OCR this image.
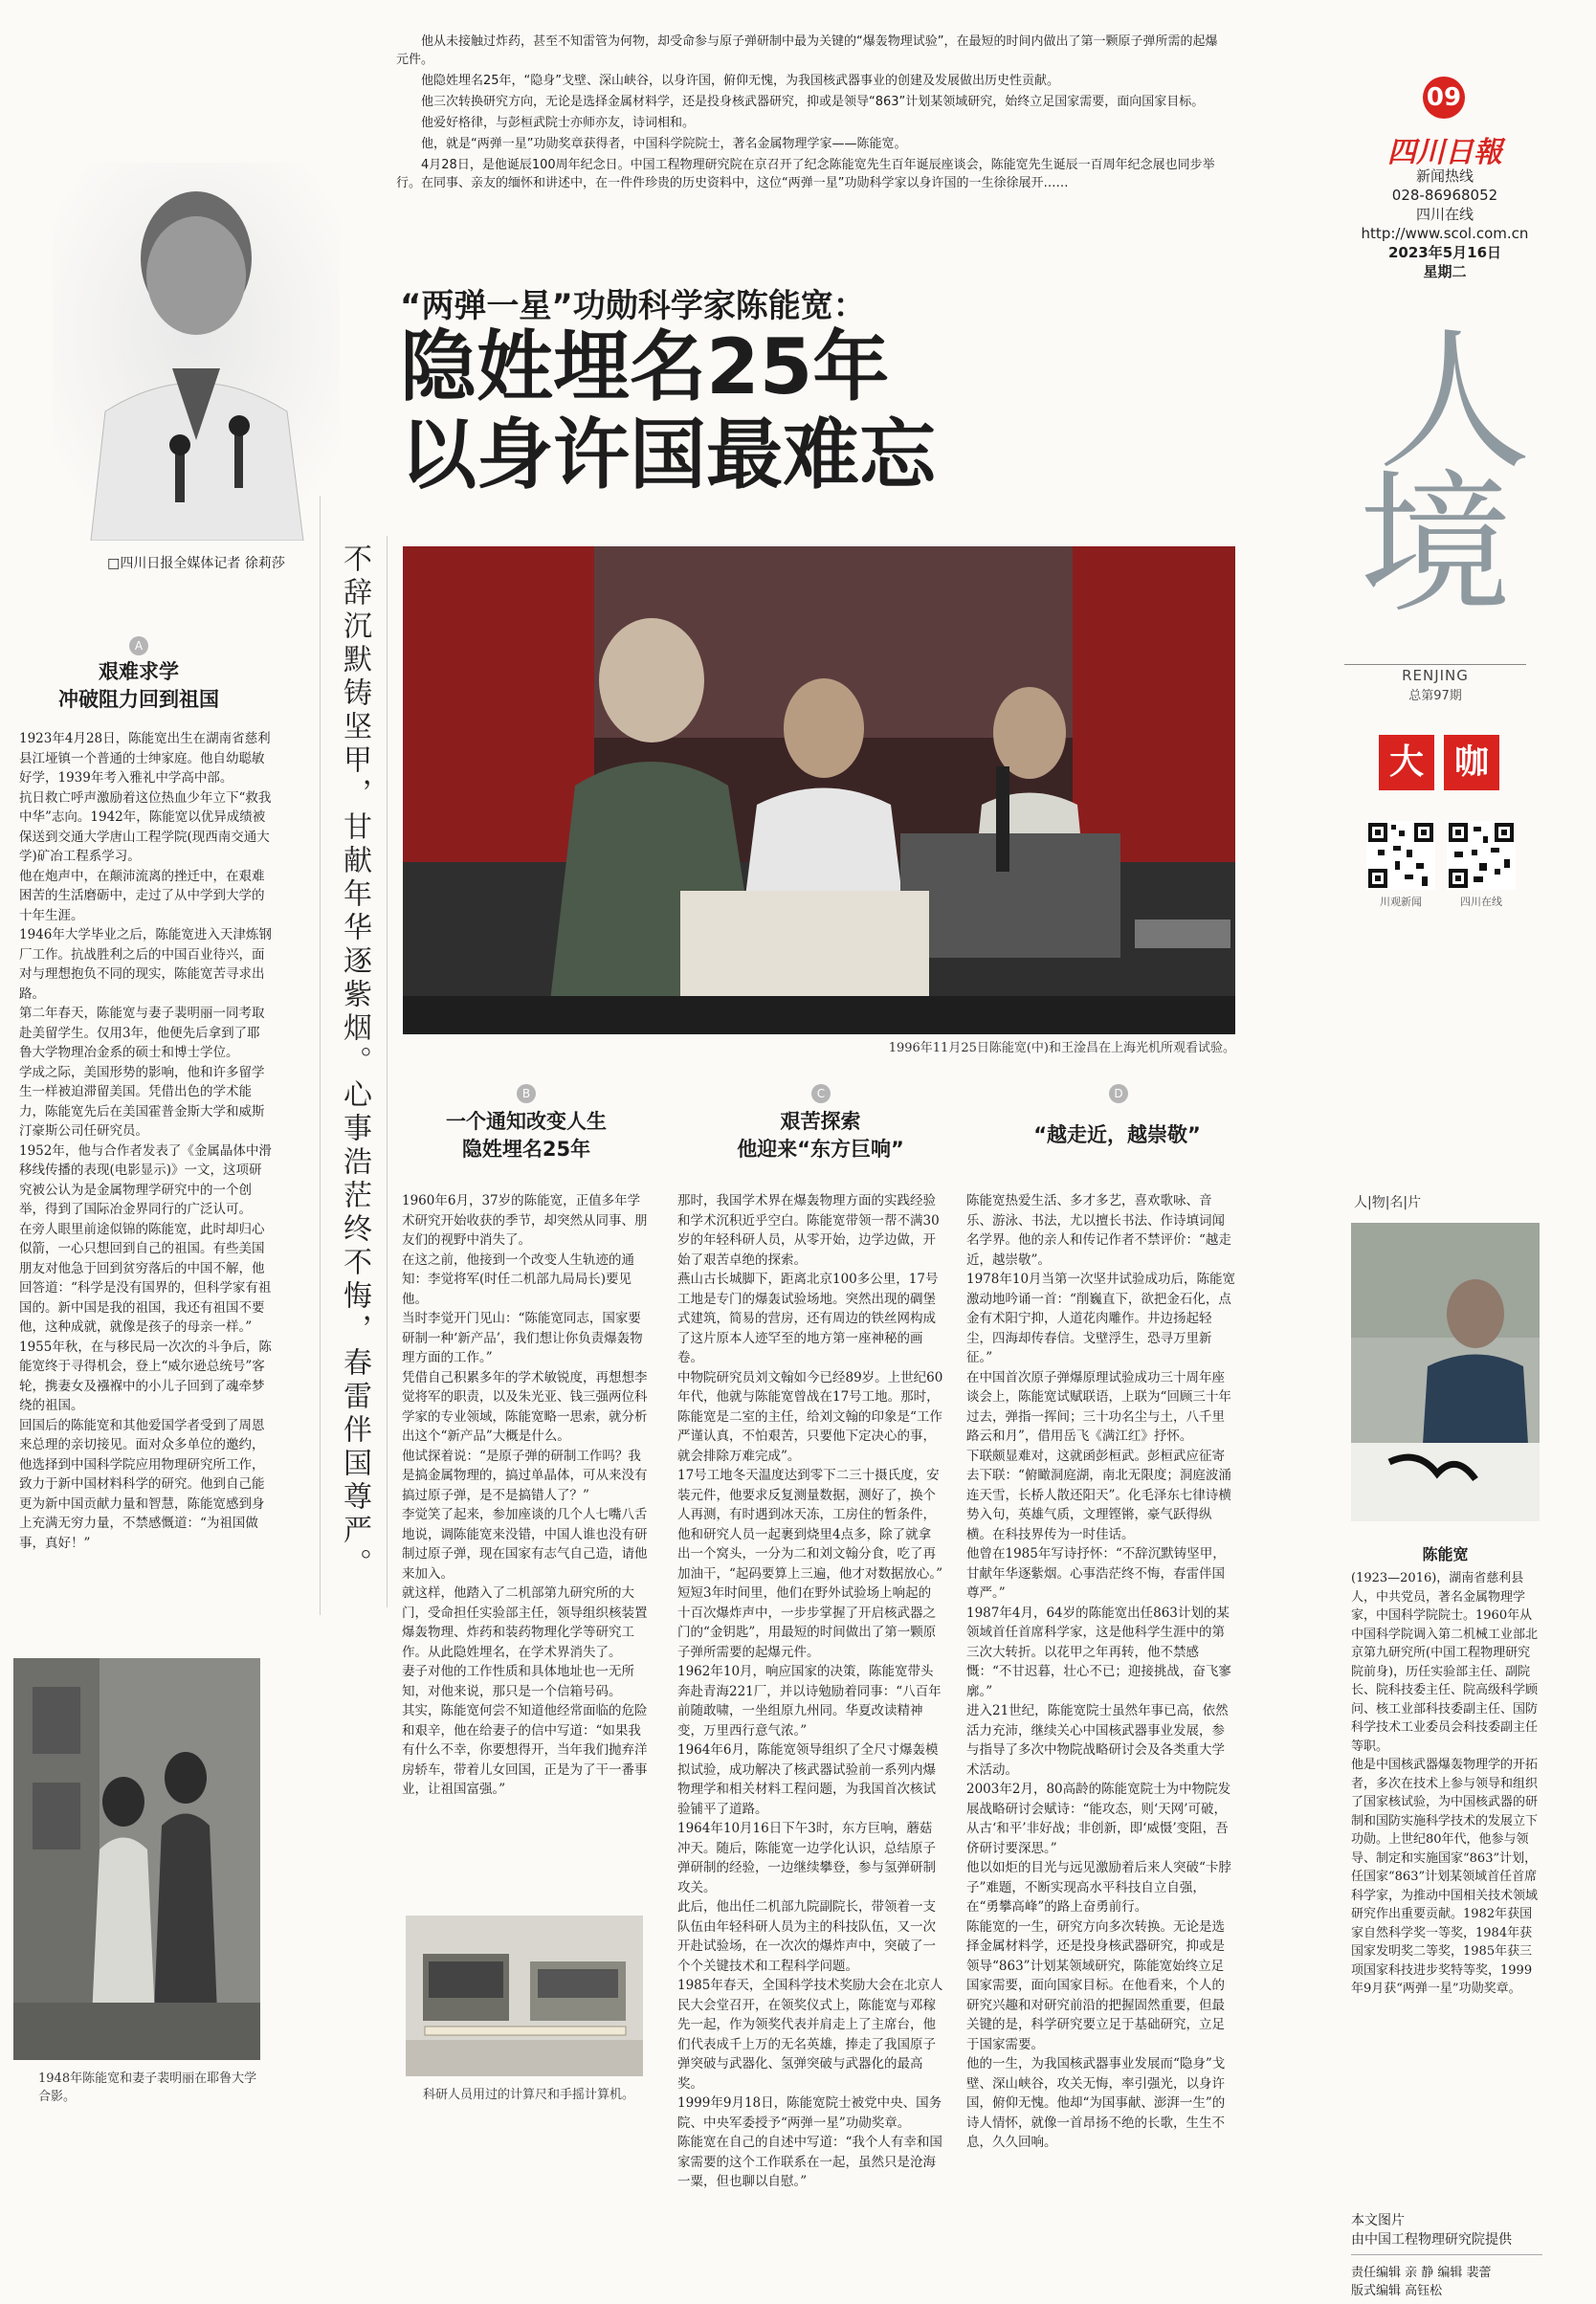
他从未接触过炸药，甚至不知雷管为何物，却受命参与原子弹研制中最为关键的“爆轰物理试验”，在最短的时间内做出了第一颗原子弹所需的起爆元件。

他隐姓埋名25年，“隐身”戈壁、深山峡谷，以身许国，俯仰无愧，为我国核武器事业的创建及发展做出历史性贡献。

他三次转换研究方向，无论是选择金属材料学，还是投身核武器研究，抑或是领导“863”计划某领域研究，始终立足国家需要，面向国家目标。

他爱好格律，与彭桓武院士亦师亦友，诗词相和。

他，就是“两弹一星”功勋奖章获得者，中国科学院院士，著名金属物理学家——陈能宽。

4月28日，是他诞辰100周年纪念日。中国工程物理研究院在京召开了纪念陈能宽先生百年诞辰座谈会，陈能宽先生诞辰一百周年纪念展也同步举行。在同事、亲友的缅怀和讲述中，在一件件珍贵的历史资料中，这位“两弹一星”功勋科学家以身许国的一生徐徐展开……

□四川日报全媒体记者 徐莉莎
“两弹一星”功勋科学家陈能宽：
隐姓埋名25年
以身许国最难忘
09
四川日報
新闻热线
028-86968052
四川在线
http://www.scol.com.cn
2023年5月16日
星期二
人
境
RENJING
总第97期
大 咖
川观新闻	四川在线
不辞沉默铸坚甲，甘献年华逐紫烟。心事浩茫终不悔，春雷伴国尊严。	1996年11月25日陈能宽(中)和王淦昌在上海光机所观看试验。
A
艰难求学
冲破阻力回到祖国
1923年4月28日，陈能宽出生在湖南省慈利县江垭镇一个普通的士绅家庭。他自幼聪敏好学，1939年考入雅礼中学高中部。
抗日救亡呼声激励着这位热血少年立下“救我中华”志向。1942年，陈能宽以优异成绩被保送到交通大学唐山工程学院(现西南交通大学)矿冶工程系学习。
他在炮声中，在颠沛流离的挫迁中，在艰难困苦的生活磨砺中，走过了从中学到大学的十年生涯。
1946年大学毕业之后，陈能宽进入天津炼钢厂工作。抗战胜利之后的中国百业待兴，面对与理想抱负不同的现实，陈能宽苦寻求出路。
第二年春天，陈能宽与妻子裴明丽一同考取赴美留学生。仅用3年，他便先后拿到了耶鲁大学物理冶金系的硕士和博士学位。
学成之际，美国形势的影响，他和许多留学生一样被迫滞留美国。凭借出色的学术能力，陈能宽先后在美国霍普金斯大学和威斯汀豪斯公司任研究员。
1952年，他与合作者发表了《金属晶体中滑移线传播的表现(电影显示)》一文，这项研究被公认为是金属物理学研究中的一个创举，得到了国际冶金界同行的广泛认可。
在旁人眼里前途似锦的陈能宽，此时却归心似箭，一心只想回到自己的祖国。有些美国朋友对他急于回到贫穷落后的中国不解，他回答道：“科学是没有国界的，但科学家有祖国的。新中国是我的祖国，我还有祖国不要他，这种成就，就像是孩子的母亲一样。”
1955年秋，在与移民局一次次的斗争后，陈能宽终于寻得机会，登上“威尔逊总统号”客轮，携妻女及襁褓中的小儿子回到了魂牵梦绕的祖国。
回国后的陈能宽和其他爱国学者受到了周恩来总理的亲切接见。面对众多单位的邀约，他选择到中国科学院应用物理研究所工作，致力于新中国材料科学的研究。他到自己能更为新中国贡献力量和智慧，陈能宽感到身上充满无穷力量，不禁感慨道：“为祖国做事，真好！”
1948年陈能宽和妻子裴明丽在耶鲁大学合影。
B
一个通知改变人生
隐姓埋名25年
1960年6月，37岁的陈能宽，正值多年学术研究开始收获的季节，却突然从同事、朋友们的视野中消失了。
在这之前，他接到一个改变人生轨迹的通知：李觉将军(时任二机部九局局长)要见他。
当时李觉开门见山：“陈能宽同志，国家要研制一种‘新产品’，我们想让你负责爆轰物理方面的工作。”
凭借自己积累多年的学术敏锐度，再想想李觉将军的职责，以及朱光亚、钱三强两位科学家的专业领域，陈能宽略一思索，就分析出这个“新产品”大概是什么。
他试探着说：“是原子弹的研制工作吗？我是搞金属物理的，搞过单晶体，可从来没有搞过原子弹，是不是搞错人了？”
李觉笑了起来，参加座谈的几个人七嘴八舌地说，调陈能宽来没错，中国人谁也没有研制过原子弹，现在国家有志气自己造，请他来加入。
就这样，他踏入了二机部第九研究所的大门，受命担任实验部主任，领导组织核装置爆轰物理、炸药和装药物理化学等研究工作。从此隐姓埋名，在学术界消失了。
妻子对他的工作性质和具体地址也一无所知，对他来说，那只是一个信箱号码。
其实，陈能宽何尝不知道他经常面临的危险和艰辛，他在给妻子的信中写道：“如果我有什么不幸，你要想得开，当年我们抛弃洋房轿车，带着儿女回国，正是为了干一番事业，让祖国富强。”
科研人员用过的计算尺和手摇计算机。
C
艰苦探索
他迎来“东方巨响”
那时，我国学术界在爆轰物理方面的实践经验和学术沉积近乎空白。陈能宽带领一帮不满30岁的年轻科研人员，从零开始，边学边做，开始了艰苦卓绝的探索。
燕山古长城脚下，距离北京100多公里，17号工地是专门的爆轰试验场地。突然出现的碉堡式建筑，简易的营房，还有周边的铁丝网构成了这片原本人迹罕至的地方第一座神秘的画卷。
中物院研究员刘文翰如今已经89岁。上世纪60年代，他就与陈能宽曾战在17号工地。那时，陈能宽是二室的主任，给刘文翰的印象是“工作严谨认真，不怕艰苦，只要他下定决心的事，就会排除万难完成”。
17号工地冬天温度达到零下二三十摄氏度，安装元件，他要求反复测量数据，测好了，换个人再测，有时遇到冰天冻，工房住的暂条件，他和研究人员一起裹到烧里4点多，除了就拿出一个窝头，一分为二和刘文翰分食，吃了再加油干，“起码要算上三遍，他才对数据放心。”
短短3年时间里，他们在野外试验场上响起的十百次爆炸声中，一步步掌握了开启核武器之门的“金钥匙”，用最短的时间做出了第一颗原子弹所需要的起爆元件。
1962年10月，响应国家的决策，陈能宽带头奔赴青海221厂，并以诗勉励着同事：“八百年前随敢啸，一坐组原九州同。华夏改读精神变，万里西行意气浓。”
1964年6月，陈能宽领导组织了全尺寸爆轰模拟试验，成功解决了核武器试验前一系列内爆物理学和相关材料工程问题，为我国首次核试验铺平了道路。
1964年10月16日下午3时，东方巨响，蘑菇冲天。随后，陈能宽一边学化认识，总结原子弹研制的经验，一边继续攀登，参与氢弹研制攻关。
此后，他出任二机部九院副院长，带领着一支队伍由年轻科研人员为主的科技队伍，又一次开赴试验场，在一次次的爆炸声中，突破了一个个关键技术和工程科学问题。
1985年春天，全国科学技术奖励大会在北京人民大会堂召开，在领奖仪式上，陈能宽与邓稼先一起，作为领奖代表并肩走上了主席台，他们代表成千上万的无名英雄，捧走了我国原子弹突破与武器化、氢弹突破与武器化的最高奖。
1999年9月18日，陈能宽院士被党中央、国务院、中央军委授予“两弹一星”功勋奖章。
陈能宽在自己的自述中写道：“我个人有幸和国家需要的这个工作联系在一起，虽然只是沧海一粟，但也聊以自慰。”
D
“越走近，越崇敬”
陈能宽热爱生活、多才多艺，喜欢歌咏、音乐、游泳、书法，尤以擅长书法、作诗填词闻名学界。他的亲人和传记作者不禁评价：“越走近，越崇敬”。
1978年10月当第一次坚井试验成功后，陈能宽激动地吟诵一首：“削巍直下，欲把金石化，点金有术阳宁抑，人道花肉雕作。井边扬起轻尘，四海却传春信。戈壁浮生，恐寻万里新征。”
在中国首次原子弹爆原理试验成功三十周年座谈会上，陈能宽试赋联语，上联为“回顾三十年过去，弹指一挥间；三十功名尘与土，八千里路云和月”，借用岳飞《满江红》抒怀。
下联颇显难对，这就函彭桓武。彭桓武应征寄去下联：“俯瞰洞庭湖，南北无限度；洞庭波涌连天雪，长桥人散还阳天”。化毛泽东七律诗横势入句，英雄气质，文理铿锵，豪气跃得纵横。在科技界传为一时佳话。
他曾在1985年写诗抒怀：“不辞沉默铸坚甲，甘献年华逐紫烟。心事浩茫终不悔，春雷伴国尊严。”
1987年4月，64岁的陈能宽出任863计划的某领域首任首席科学家，这是他科学生涯中的第三次大转折。以花甲之年再转，他不禁感慨：“不甘迟暮，壮心不已；迎接挑战，奋飞寥廓。”
进入21世纪，陈能宽院士虽然年事已高，依然活力充沛，继续关心中国核武器事业发展，参与指导了多次中物院战略研讨会及各类重大学术活动。
2003年2月，80高龄的陈能宽院士为中物院发展战略研讨会赋诗：“能攻态，则‘天网’可破，从古‘和平’非好战；非创新，即‘威慑’变阻，吾侪研讨要深思。”
他以如炬的目光与远见激励着后来人突破“卡脖子”难题，不断实现高水平科技自立自强，在“勇攀高峰”的路上奋勇前行。
陈能宽的一生，研究方向多次转换。无论是选择金属材料学，还是投身核武器研究，抑或是领导“863”计划某领域研究，陈能宽始终立足国家需要，面向国家目标。在他看来，个人的研究兴趣和对研究前沿的把握固然重要，但最关键的是，科学研究要立足于基础研究，立足于国家需要。
他的一生，为我国核武器事业发展而“隐身”戈壁、深山峡谷，攻关无悔，率引强光，以身许国，俯仰无愧。他却“为国事献、澎湃一生”的诗人情怀，就像一首昂扬不绝的长歌，生生不息，久久回响。
人|物|名|片
陈能宽
(1923—2016)，湖南省慈利县人，中共党员，著名金属物理学家，中国科学院院士。1960年从中国科学院调入第二机械工业部北京第九研究所(中国工程物理研究院前身)，历任实验部主任、副院长、院科技委主任、院高级科学顾问、核工业部科技委副主任、国防科学技术工业委员会科技委副主任等职。
他是中国核武器爆轰物理学的开拓者，多次在技术上参与领导和组织了国家核试验，为中国核武器的研制和国防实施科学技术的发展立下功勋。上世纪80年代，他参与领导、制定和实施国家“863”计划，任国家“863”计划某领域首任首席科学家，为推动中国相关技术领域研究作出重要贡献。1982年获国家自然科学奖一等奖，1984年获国家发明奖二等奖，1985年获三项国家科技进步奖特等奖，1999年9月获“两弹一星”功勋奖章。
本文图片
由中国工程物理研究院提供
责任编辑 亲 静 编辑 裴蕾
版式编辑 高钰松
